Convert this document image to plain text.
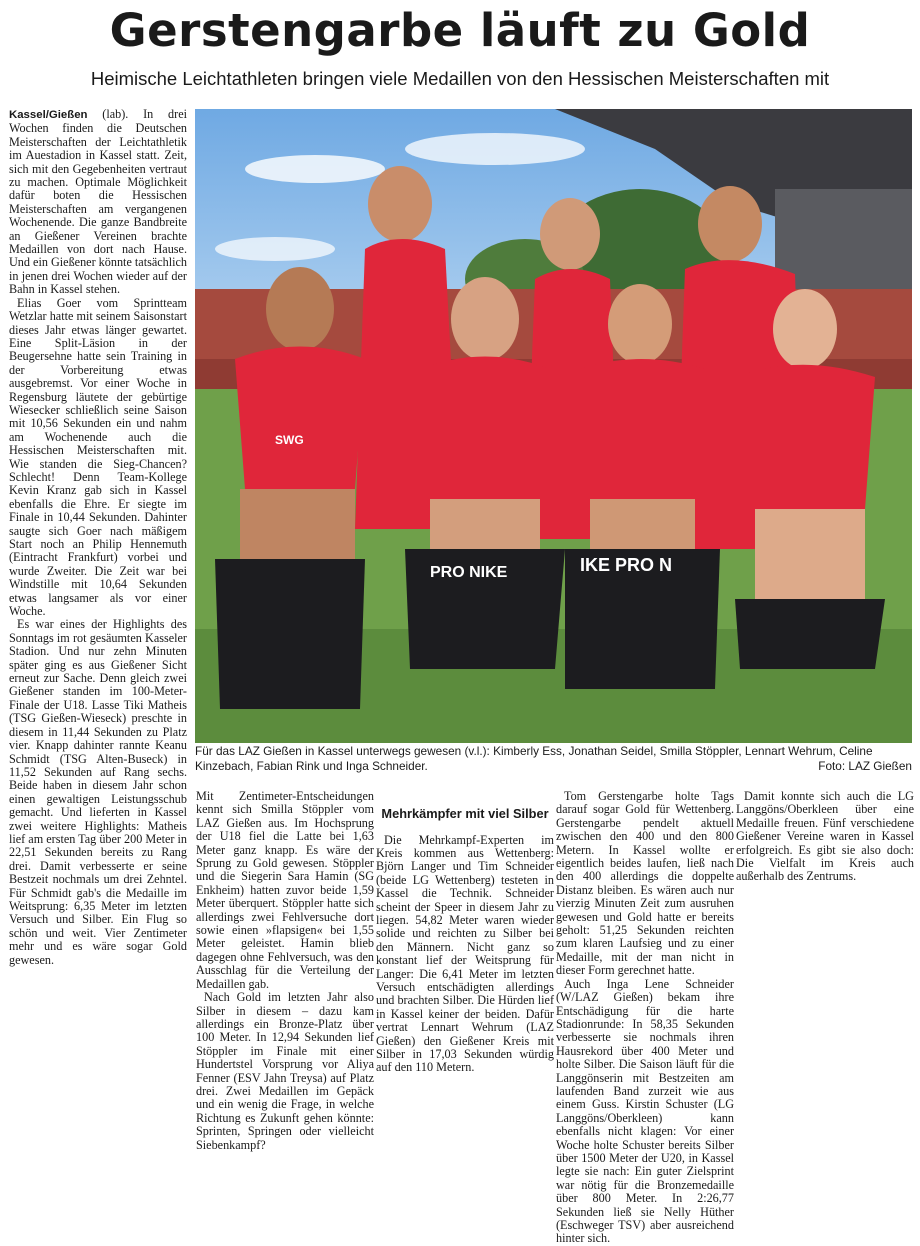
Gerstengarbe läuft zu Gold

Heimische Leichtathleten bringen viele Medaillen von den Hessischen Meisterschaften mit

Kassel/Gießen (lab). In drei Wochen finden die Deutschen Meisterschaften der Leichtathletik im Auestadion in Kassel statt. Zeit, sich mit den Gegebenheiten vertraut zu machen. Optimale Möglichkeit dafür boten die Hessischen Meisterschaften am vergangenen Wochenende. Die ganze Bandbreite an Gießener Vereinen brachte Medaillen von dort nach Hause. Und ein Gießener könnte tatsächlich in jenen drei Wochen wieder auf der Bahn in Kassel stehen.

Elias Goer vom Sprintteam Wetzlar hatte mit seinem Saisonstart dieses Jahr etwas länger gewartet. Eine Split-Läsion in der Beugersehne hatte sein Training in der Vorbereitung etwas ausgebremst. Vor einer Woche in Regensburg läutete der gebürtige Wiesecker schließlich seine Saison mit 10,56 Sekunden ein und nahm am Wochenende auch die Hessischen Meisterschaften mit. Wie standen die Sieg-Chancen? Schlecht! Denn Team-Kollege Kevin Kranz gab sich in Kassel ebenfalls die Ehre. Er siegte im Finale in 10,44 Sekunden. Dahinter saugte sich Goer nach mäßigem Start noch an Philip Hennemuth (Eintracht Frankfurt) vorbei und wurde Zweiter. Die Zeit war bei Windstille mit 10,64 Sekunden etwas langsamer als vor einer Woche.

Es war eines der Highlights des Sonntags im rot gesäumten Kasseler Stadion. Und nur zehn Minuten später ging es aus Gießener Sicht erneut zur Sache. Denn gleich zwei Gießener standen im 100-Meter-Finale der U18. Lasse Tiki Matheis (TSG Gießen-Wieseck) preschte in diesem in 11,44 Sekunden zu Platz vier. Knapp dahinter rannte Keanu Schmidt (TSG Alten-Buseck) in 11,52 Sekunden auf Rang sechs. Beide haben in diesem Jahr schon einen gewaltigen Leistungsschub gemacht. Und lieferten in Kassel zwei weitere Highlights: Matheis lief am ersten Tag über 200 Meter in 22,51 Sekunden bereits zu Rang drei. Damit verbesserte er seine Bestzeit nochmals um drei Zehntel. Für Schmidt gab's die Medaille im Weitsprung: 6,35 Meter im letzten Versuch und Silber. Ein Flug so schön und weit. Vier Zentimeter mehr und es wäre sogar Gold gewesen.

SWG
PRO NIKE	IKE PRO N
Für das LAZ Gießen in Kassel unterwegs gewesen (v.l.): Kimberly Ess, Jonathan Seidel, Smilla Stöppler, Lennart Wehrum, Celine Kinzebach, Fabian Rink und Inga Schneider.	Foto: LAZ Gießen

Mit Zentimeter-Entscheidungen kennt sich Smilla Stöppler vom LAZ Gießen aus. Im Hochsprung der U18 fiel die Latte bei 1,63 Meter ganz knapp. Es wäre der Sprung zu Gold gewesen. Stöppler und die Siegerin Sara Hamin (SG Enkheim) hatten zuvor beide 1,59 Meter überquert. Stöppler hatte sich allerdings zwei Fehlversuche dort sowie einen »flapsigen« bei 1,55 Meter geleistet. Hamin blieb dagegen ohne Fehlversuch, was den Ausschlag für die Verteilung der Medaillen gab.

Nach Gold im letzten Jahr also Silber in diesem – dazu kam allerdings ein Bronze-Platz über 100 Meter. In 12,94 Sekunden lief Stöppler im Finale mit einer Hundertstel Vorsprung vor Aliya Fenner (ESV Jahn Treysa) auf Platz drei. Zwei Medaillen im Gepäck und ein wenig die Frage, in welche Richtung es Zukunft gehen könnte: Sprinten, Springen oder vielleicht Siebenkampf?

Mehrkämpfer mit viel Silber

Die Mehrkampf-Experten im Kreis kommen aus Wettenberg: Björn Langer und Tim Schneider (beide LG Wettenberg) testeten in Kassel die Technik. Schneider scheint der Speer in diesem Jahr zu liegen. 54,82 Meter waren wieder solide und reichten zu Silber bei den Männern. Nicht ganz so konstant lief der Weitsprung für Langer: Die 6,41 Meter im letzten Versuch entschädigten allerdings und brachten Silber. Die Hürden lief in Kassel keiner der beiden. Dafür vertrat Lennart Wehrum (LAZ Gießen) den Gießener Kreis mit Silber in 17,03 Sekunden würdig auf den 110 Metern.

Tom Gerstengarbe holte Tags darauf sogar Gold für Wettenberg. Gerstengarbe pendelt aktuell zwischen den 400 und den 800 Metern. In Kassel wollte er eigentlich beides laufen, ließ nach den 400 allerdings die doppelte Distanz bleiben. Es wären auch nur vierzig Minuten Zeit zum ausruhen gewesen und Gold hatte er bereits geholt: 51,25 Sekunden reichten zum klaren Laufsieg und zu einer Medaille, mit der man nicht in dieser Form gerechnet hatte.

Auch Inga Lene Schneider (W/LAZ Gießen) bekam ihre Entschädigung für die harte Stadionrunde: In 58,35 Sekunden verbesserte sie nochmals ihren Hausrekord über 400 Meter und holte Silber. Die Saison läuft für die Langgönserin mit Bestzeiten am laufenden Band zurzeit wie aus einem Guss. Kirstin Schuster (LG Langgöns/Oberkleen) kann ebenfalls nicht klagen: Vor einer Woche holte Schuster bereits Silber über 1500 Meter der U20, in Kassel legte sie nach: Ein guter Zielsprint war nötig für die Bronzemedaille über 800 Meter. In 2:26,77 Sekunden ließ sie Nelly Hüther (Eschweger TSV) aber ausreichend hinter sich.

Damit konnte sich auch die LG Langgöns/Oberkleen über eine Medaille freuen. Fünf verschiedene Gießener Vereine waren in Kassel erfolgreich. Es gibt sie also doch: Die Vielfalt im Kreis auch außerhalb des Zentrums.
